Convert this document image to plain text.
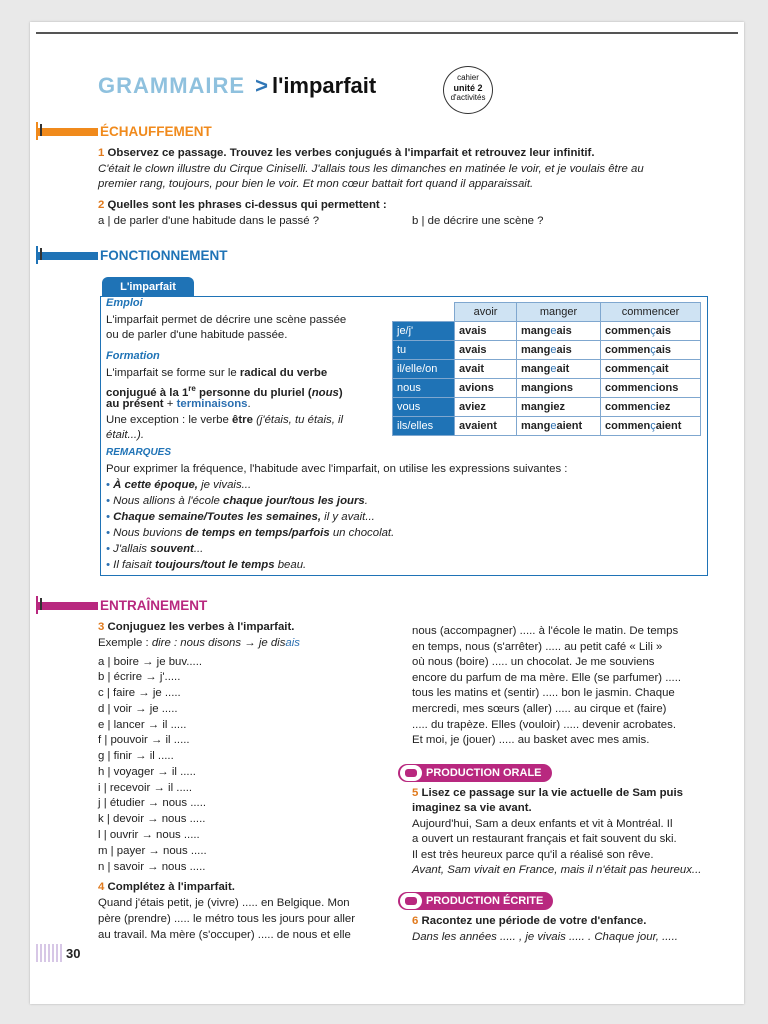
GRAMMAIRE > l'imparfait	cahier
unité 2
d'activités
ÉCHAUFFEMENT
1 Observez ce passage. Trouvez les verbes conjugués à l'imparfait et retrouvez leur infinitif.
C'était le clown illustre du Cirque Ciniselli. J'allais tous les dimanches en matinée le voir, et je voulais être au
premier rang, toujours, pour bien le voir. Et mon cœur battait fort quand il apparaissait.
2 Quelles sont les phrases ci-dessus qui permettent :
a | de parler d'une habitude dans le passé ?	b | de décrire une scène ?
FONCTIONNEMENT
L'imparfait
Emploi
L'imparfait permet de décrire une scène passée
ou de parler d'une habitude passée.
Formation
L'imparfait se forme sur le radical du verbe
conjugué à la 1re personne du pluriel (nous)
au présent + terminaisons.
Une exception : le verbe être (j'étais, tu étais, il
était...).
	avoir	manger	commencer
je/j'	avais	mangeais	commençais
tu	avais	mangeais	commençais
il/elle/on	avait	mangeait	commençait
nous	avions	mangions	commencions
vous	aviez	mangiez	commenciez
ils/elles	avaient	mangeaient	commençaient
REMARQUES
Pour exprimer la fréquence, l'habitude avec l'imparfait, on utilise les expressions suivantes :
• À cette époque, je vivais...
• Nous allions à l'école chaque jour/tous les jours.
• Chaque semaine/Toutes les semaines, il y avait...
• Nous buvions de temps en temps/parfois un chocolat.
• J'allais souvent...
• Il faisait toujours/tout le temps beau.
ENTRAÎNEMENT
3 Conjuguez les verbes à l'imparfait.
Exemple : dire : nous disons → je disais
a | boire → je buv.....
b | écrire → j'.....
c | faire → je .....
d | voir → je .....
e | lancer → il .....
f | pouvoir → il .....
g | finir → il .....
h | voyager → il .....
i | recevoir → il .....
j | étudier → nous .....
k | devoir → nous .....
l | ouvrir → nous .....
m | payer → nous .....
n | savoir → nous .....
4 Complétez à l'imparfait.
Quand j'étais petit, je (vivre) ..... en Belgique. Mon
père (prendre) ..... le métro tous les jours pour aller
au travail. Ma mère (s'occuper) ..... de nous et elle
nous (accompagner) ..... à l'école le matin. De temps
en temps, nous (s'arrêter) ..... au petit café « Lili »
où nous (boire) ..... un chocolat. Je me souviens
encore du parfum de ma mère. Elle (se parfumer) .....
tous les matins et (sentir) ..... bon le jasmin. Chaque
mercredi, mes sœurs (aller) ..... au cirque et (faire)
..... du trapèze. Elles (vouloir) ..... devenir acrobates.
Et moi, je (jouer) ..... au basket avec mes amis.
PRODUCTION ORALE
5 Lisez ce passage sur la vie actuelle de Sam puis
imaginez sa vie avant.
Aujourd'hui, Sam a deux enfants et vit à Montréal. Il
a ouvert un restaurant français et fait souvent du ski.
Il est très heureux parce qu'il a réalisé son rêve.
Avant, Sam vivait en France, mais il n'était pas heureux...
PRODUCTION ÉCRITE
6 Racontez une période de votre d'enfance.
Dans les années ..... , je vivais ..... . Chaque jour, .....
30
